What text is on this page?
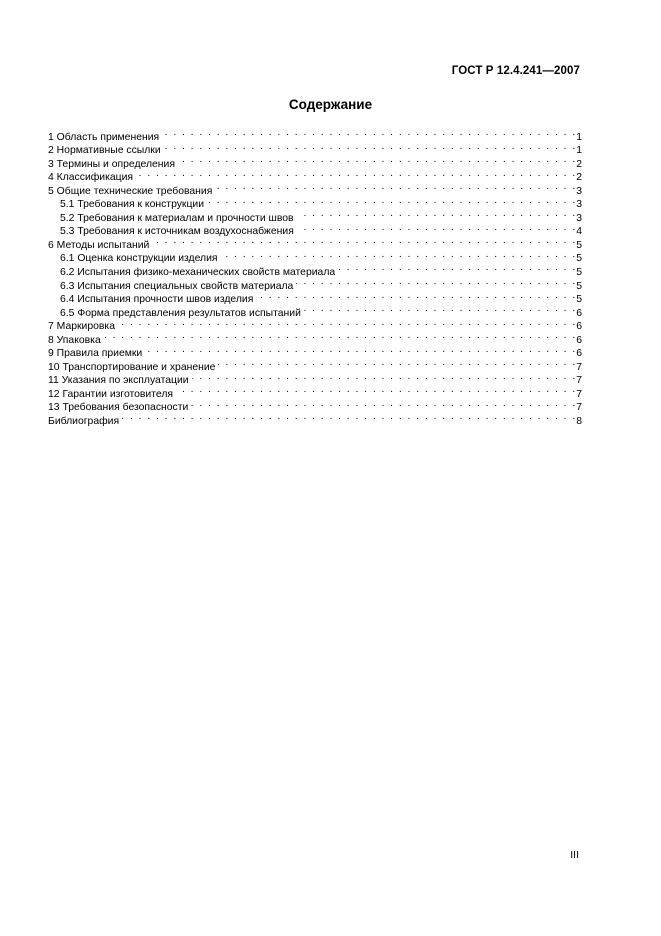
ГОСТ Р 12.4.241—2007
Содержание
1 Область применения . . .	1
2 Нормативные ссылки . . .	1
3 Термины и определения . . .	2
4 Классификация . . .	2
5 Общие технические требования . . .	3
5.1 Требования к конструкции . . .	3
5.2 Требования к материалам и прочности швов . . .	3
5.3 Требования к источникам воздухоснабжения . . .	4
6 Методы испытаний . . .	5
6.1 Оценка конструкции изделия . . .	5
6.2 Испытания физико-механических свойств материала . . .	5
6.3 Испытания специальных свойств материала . . .	5
6.4 Испытания прочности швов изделия . . .	5
6.5 Форма представления результатов испытаний . . .	6
7 Маркировка . . .	6
8 Упаковка . . .	6
9 Правила приемки . . .	6
10 Транспортирование и хранение . . .	7
11 Указания по эксплуатации . . .	7
12 Гарантии изготовителя . . .	7
13 Требования безопасности . . .	7
Библиография . . .	8
III
